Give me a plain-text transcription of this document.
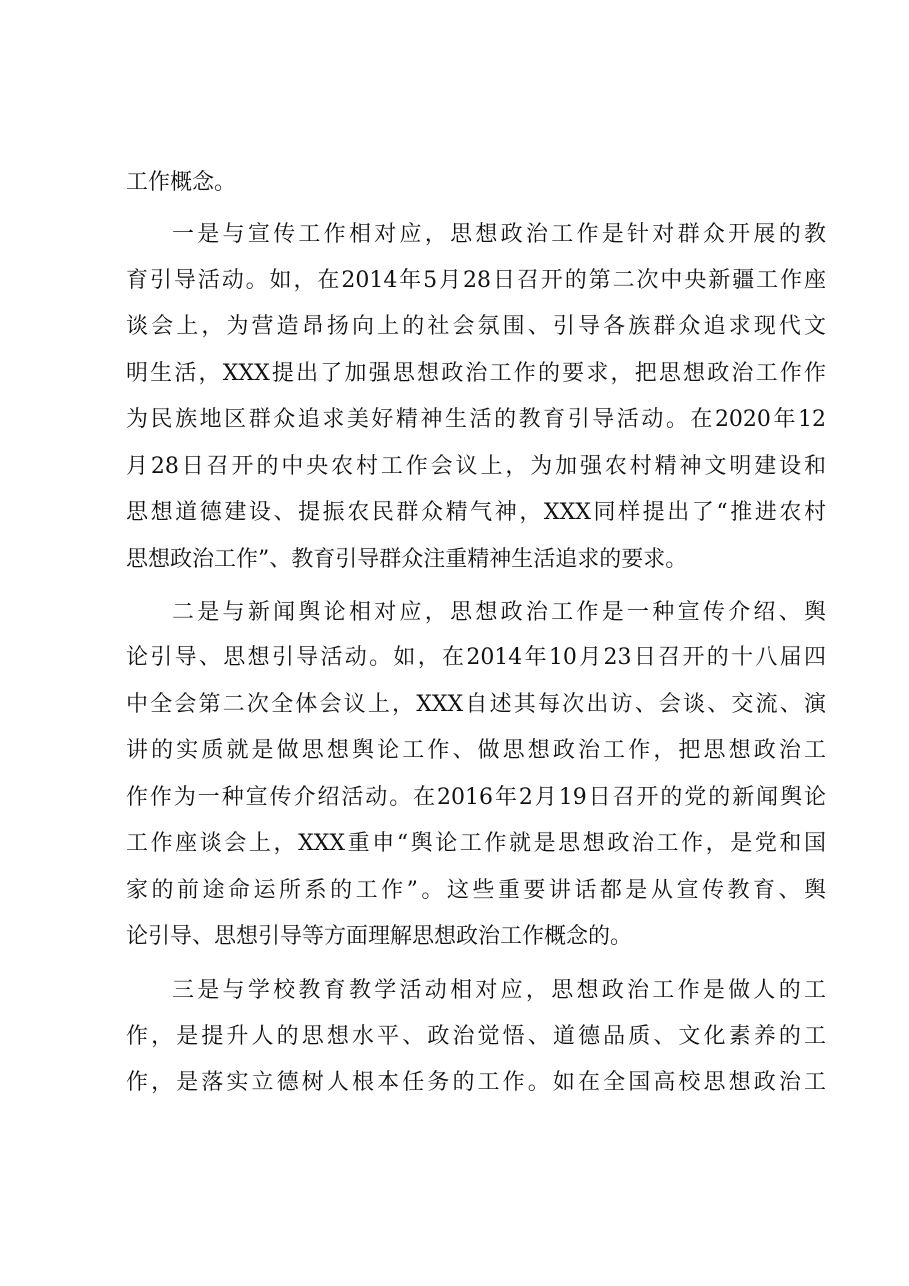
工作概念。
一是与宣传工作相对应，思想政治工作是针对群众开展的教
育引导活动。如，在2014年5月28日召开的第二次中央新疆工作座
谈会上，为营造昂扬向上的社会氛围、引导各族群众追求现代文
明生活，XXX提出了加强思想政治工作的要求，把思想政治工作作
为民族地区群众追求美好精神生活的教育引导活动。在2020年12
月28日召开的中央农村工作会议上，为加强农村精神文明建设和
思想道德建设、提振农民群众精气神，XXX同样提出了“推进农村
思想政治工作”、教育引导群众注重精神生活追求的要求。
二是与新闻舆论相对应，思想政治工作是一种宣传介绍、舆
论引导、思想引导活动。如，在2014年10月23日召开的十八届四
中全会第二次全体会议上，XXX自述其每次出访、会谈、交流、演
讲的实质就是做思想舆论工作、做思想政治工作，把思想政治工
作作为一种宣传介绍活动。在2016年2月19日召开的党的新闻舆论
工作座谈会上，XXX重申“舆论工作就是思想政治工作，是党和国
家的前途命运所系的工作”。这些重要讲话都是从宣传教育、舆
论引导、思想引导等方面理解思想政治工作概念的。
三是与学校教育教学活动相对应，思想政治工作是做人的工
作，是提升人的思想水平、政治觉悟、道德品质、文化素养的工
作，是落实立德树人根本任务的工作。如在全国高校思想政治工
